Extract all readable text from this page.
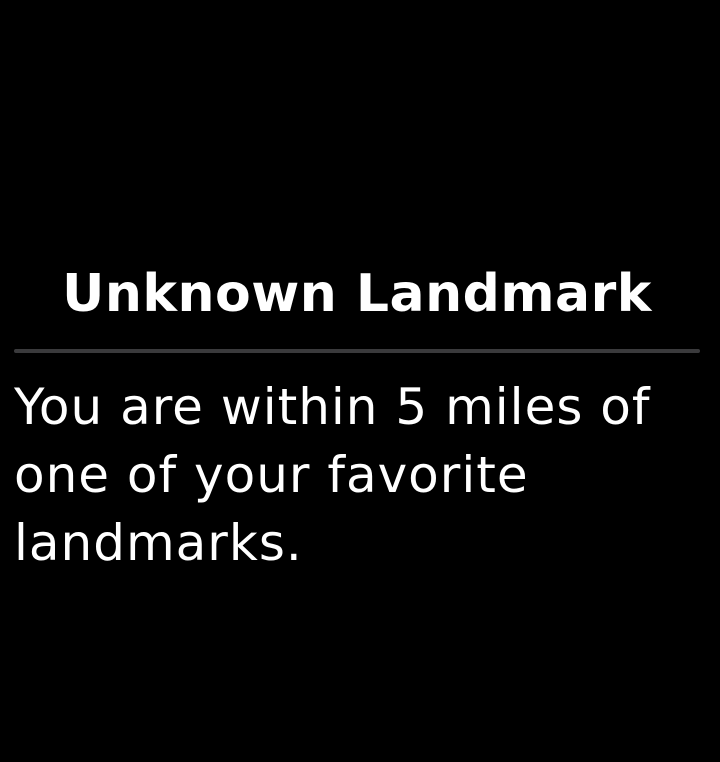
Unknown Landmark

You are within 5 miles of one of your favorite landmarks.
